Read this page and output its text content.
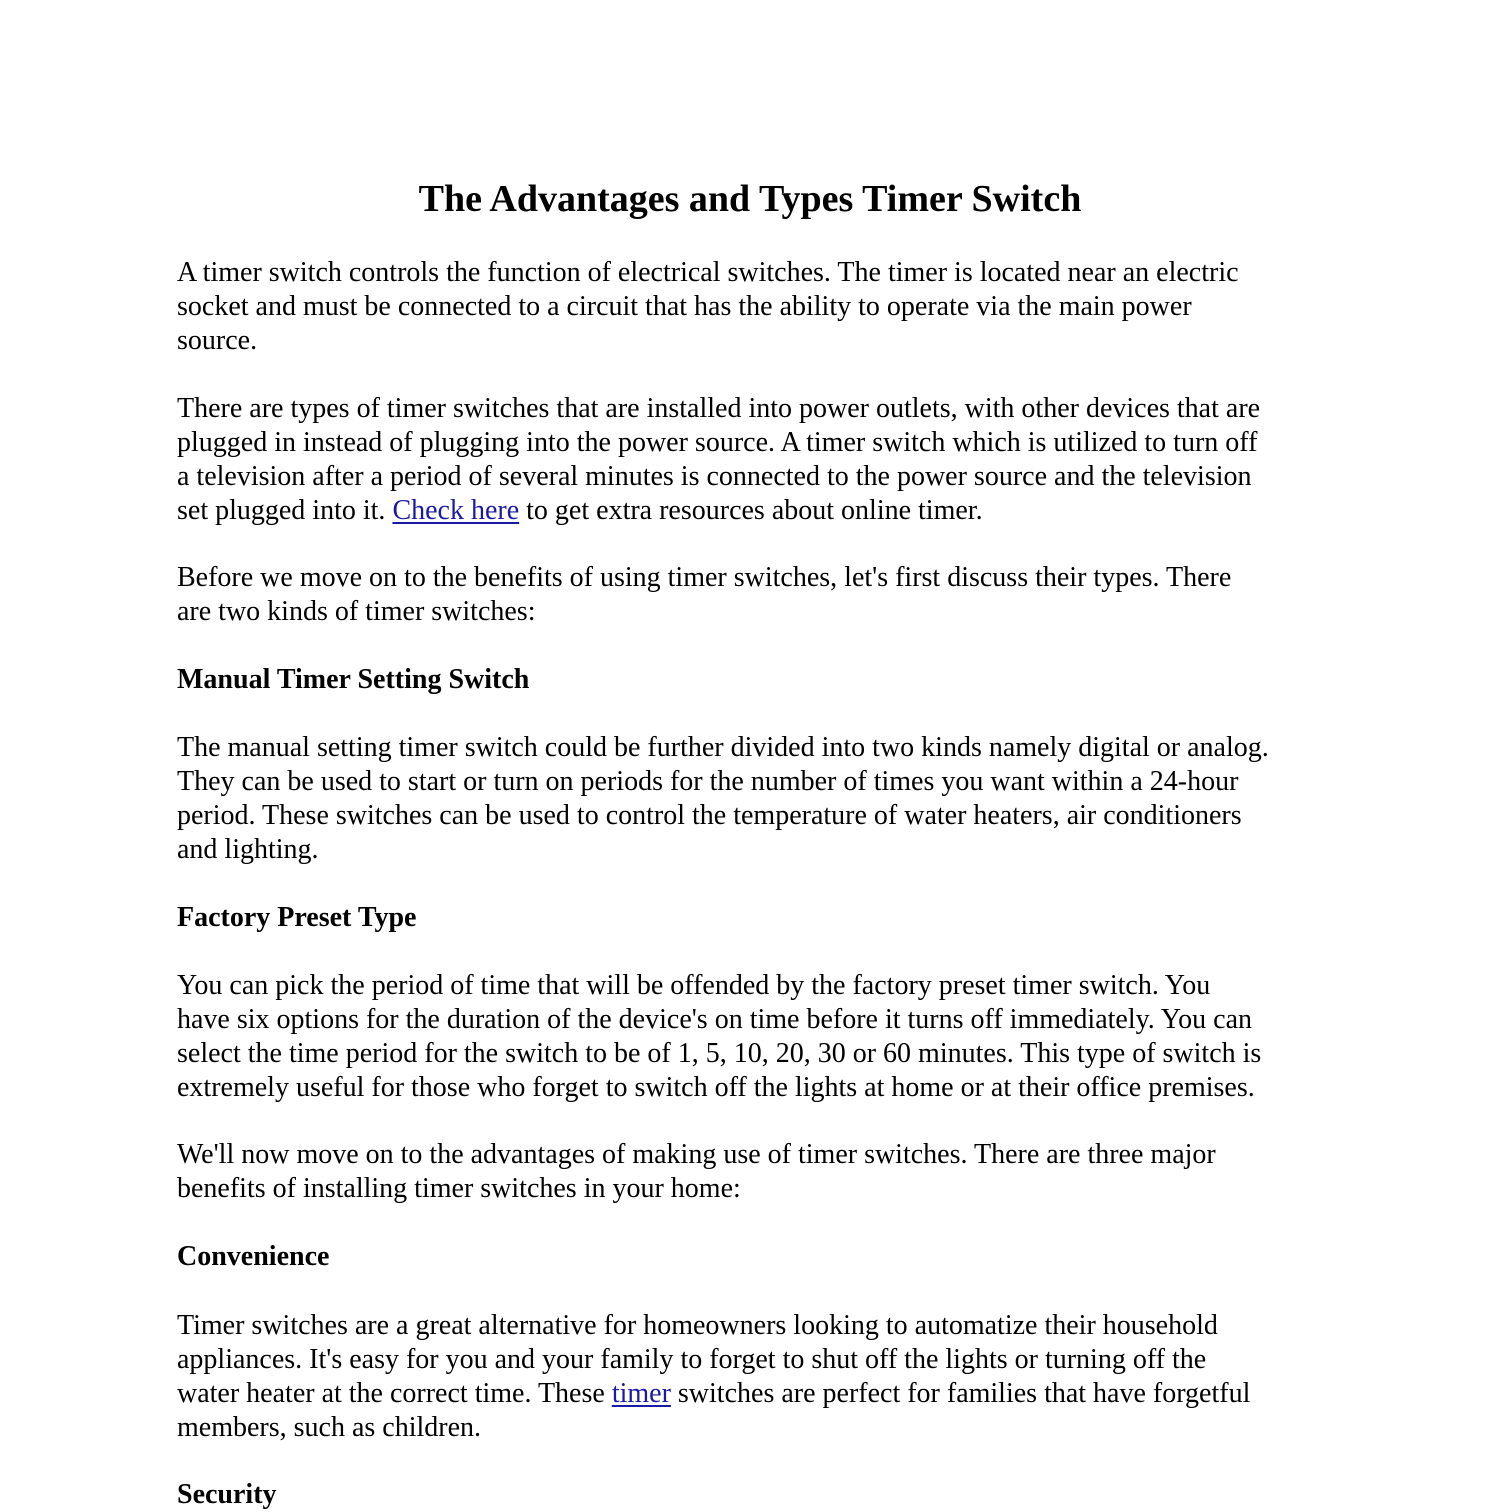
The Advantages and Types Timer Switch

A timer switch controls the function of electrical switches. The timer is located near an electric
socket and must be connected to a circuit that has the ability to operate via the main power
source.

There are types of timer switches that are installed into power outlets, with other devices that are
plugged in instead of plugging into the power source. A timer switch which is utilized to turn off
a television after a period of several minutes is connected to the power source and the television
set plugged into it. Check here to get extra resources about online timer.

Before we move on to the benefits of using timer switches, let's first discuss their types. There
are two kinds of timer switches:

Manual Timer Setting Switch

The manual setting timer switch could be further divided into two kinds namely digital or analog.
They can be used to start or turn on periods for the number of times you want within a 24-hour
period. These switches can be used to control the temperature of water heaters, air conditioners
and lighting.

Factory Preset Type

You can pick the period of time that will be offended by the factory preset timer switch. You
have six options for the duration of the device's on time before it turns off immediately. You can
select the time period for the switch to be of 1, 5, 10, 20, 30 or 60 minutes. This type of switch is
extremely useful for those who forget to switch off the lights at home or at their office premises.

We'll now move on to the advantages of making use of timer switches. There are three major
benefits of installing timer switches in your home:

Convenience

Timer switches are a great alternative for homeowners looking to automatize their household
appliances. It's easy for you and your family to forget to shut off the lights or turning off the
water heater at the correct time. These timer switches are perfect for families that have forgetful
members, such as children.

Security
